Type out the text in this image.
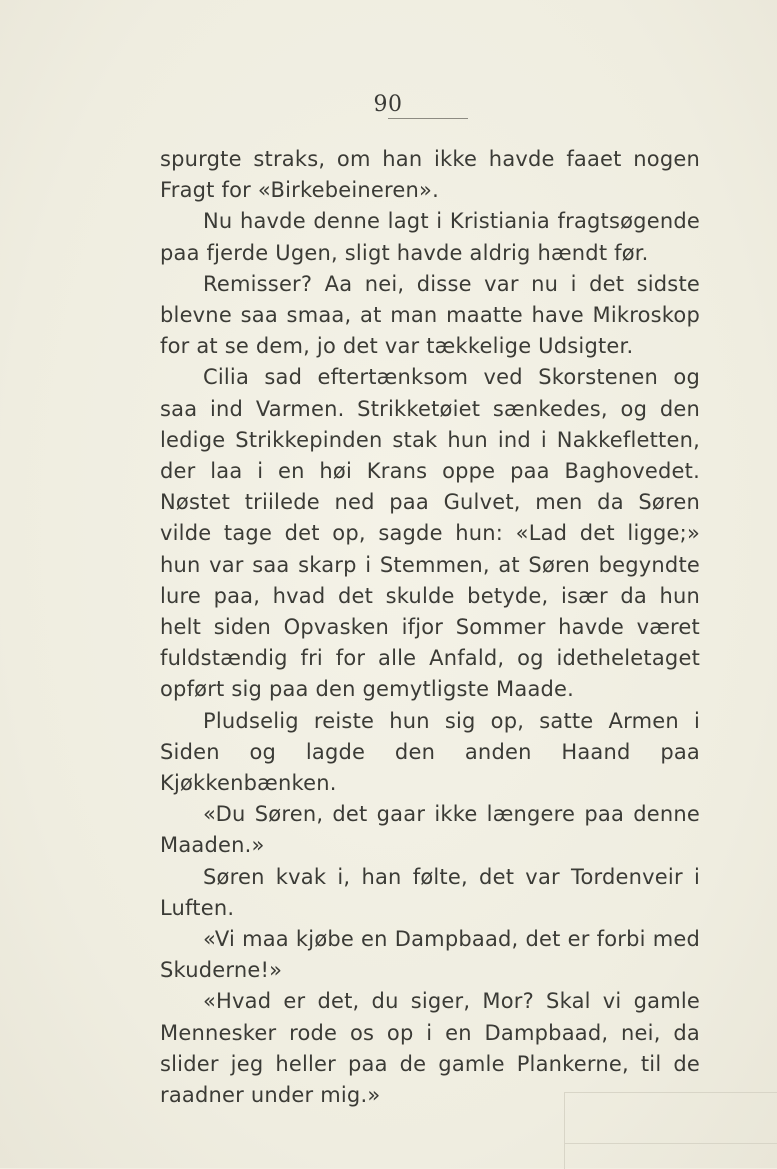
90

spurgte straks, om han ikke havde faaet nogen Fragt for «Birkebeineren».

Nu havde denne lagt i Kristiania fragtsøgende paa fjerde Ugen, sligt havde aldrig hændt før.

Remisser? Aa nei, disse var nu i det sidste blevne saa smaa, at man maatte have Mikroskop for at se dem, jo det var tækkelige Udsigter.

Cilia sad eftertænksom ved Skorstenen og saa ind Varmen. Strikketøiet sænkedes, og den ledige Strikkepinden stak hun ind i Nakkefletten, der laa i en høi Krans oppe paa Baghovedet. Nøstet triilede ned paa Gulvet, men da Søren vilde tage det op, sagde hun: «Lad det ligge;» hun var saa skarp i Stemmen, at Søren begyndte lure paa, hvad det skulde betyde, især da hun helt siden Opvasken ifjor Sommer havde været fuldstændig fri for alle Anfald, og idetheletaget opført sig paa den gemytligste Maade.

Pludselig reiste hun sig op, satte Armen i Siden og lagde den anden Haand paa Kjøkkenbænken.

«Du Søren, det gaar ikke længere paa denne Maaden.»

Søren kvak i, han følte, det var Tordenveir i Luften.

«Vi maa kjøbe en Dampbaad, det er forbi med Skuderne!»

«Hvad er det, du siger, Mor? Skal vi gamle Mennesker rode os op i en Dampbaad, nei, da slider jeg heller paa de gamle Plankerne, til de raadner under mig.»
